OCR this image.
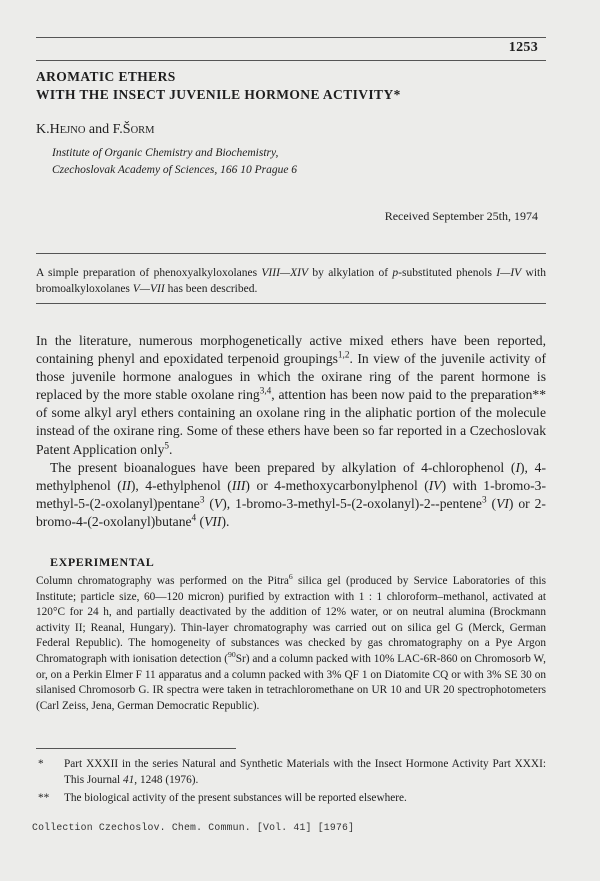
1253
AROMATIC ETHERS
WITH THE INSECT JUVENILE HORMONE ACTIVITY*
K.HEJNO and F.ŠORM
Institute of Organic Chemistry and Biochemistry,
Czechoslovak Academy of Sciences, 166 10 Prague 6
Received September 25th, 1974
A simple preparation of phenoxyalkyloxolanes VIII—XIV by alkylation of p-substituted phenols I—IV with bromoalkyloxolanes V—VII has been described.

In the literature, numerous morphogenetically active mixed ethers have been reported, containing phenyl and epoxidated terpenoid groupings$^{1,2}$. In view of the juvenile activity of those juvenile hormone analogues in which the oxirane ring of the parent hormone is replaced by the more stable oxolane ring$^{3,4}$, attention has been now paid to the preparation** of some alkyl aryl ethers containing an oxolane ring in the aliphatic portion of the molecule instead of the oxirane ring. Some of these ethers have been so far reported in a Czechoslovak Patent Application only$^5$.

The present bioanalogues have been prepared by alkylation of 4-chlorophenol (I), 4-methylphenol (II), 4-ethylphenol (III) or 4-methoxycarbonylphenol (IV) with 1-bromo-3-methyl-5-(2-oxolanyl)pentane$^3$ (V), 1-bromo-3-methyl-5-(2-oxolanyl)-2--pentene$^3$ (VI) or 2-bromo-4-(2-oxolanyl)butane$^4$ (VII).

EXPERIMENTAL
Column chromatography was performed on the Pitra$^6$ silica gel (produced by Service Laboratories of this Institute; particle size, 60—120 micron) purified by extraction with 1 : 1 chloroform–methanol, activated at 120°C for 24 h, and partially deactivated by the addition of 12% water, or on neutral alumina (Brockmann activity II; Reanal, Hungary). Thin-layer chromatography was carried out on silica gel G (Merck, German Federal Republic). The homogeneity of substances was checked by gas chromatography on a Pye Argon Chromatograph with ionisation detection ($^{90}$Sr) and a column packed with 10% LAC-6R-860 on Chromosorb W, or, on a Perkin Elmer F 11 apparatus and a column packed with 3% QF 1 on Diatomite CQ or with 3% SE 30 on silanised Chromosorb G. IR spectra were taken in tetrachloromethane on UR 10 and UR 20 spectrophotometers (Carl Zeiss, Jena, German Democratic Republic).
* Part XXXII in the series Natural and Synthetic Materials with the Insect Hormone Activity Part XXXI: This Journal 41, 1248 (1976).
** The biological activity of the present substances will be reported elsewhere.
Collection Czechoslov. Chem. Commun. [Vol. 41] [1976]
